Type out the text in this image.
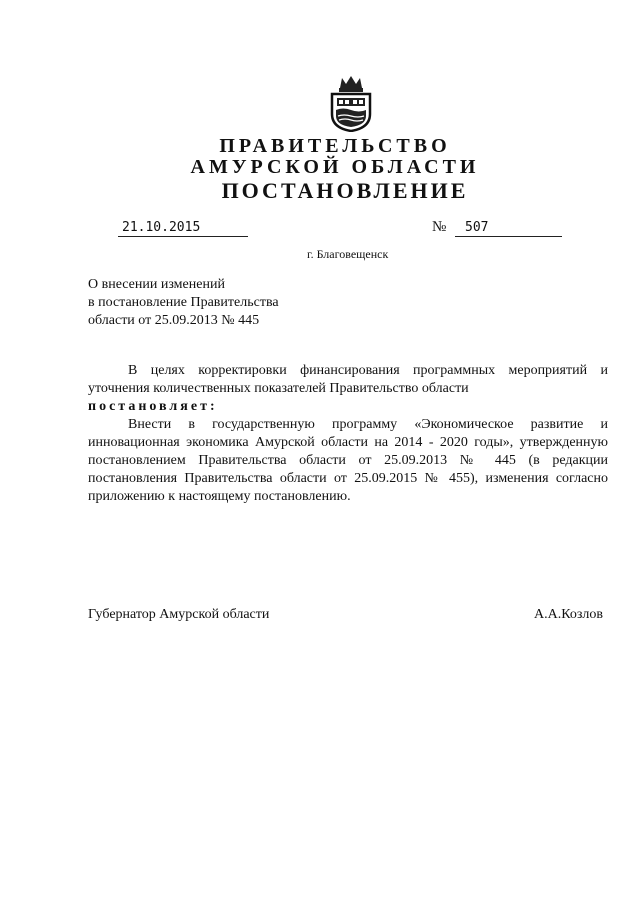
ПРАВИТЕЛЬСТВО
АМУРСКОЙ ОБЛАСТИ
ПОСТАНОВЛЕНИЕ
21.10.2015	№	507
г. Благовещенск
О внесении изменений
в постановление Правительства
области от 25.09.2013 № 445

В целях корректировки финансирования программных мероприятий и уточнения количественных показателей Правительство области

постановляет:

Внести в государственную программу «Экономическое развитие и инновационная экономика Амурской области на 2014 - 2020 годы», утвержденную постановлением Правительства области от 25.09.2013 № 445 (в редакции постановления Правительства области от 25.09.2015 № 455), изменения согласно приложению к настоящему постановлению.

Губернатор Амурской области	А.А.Козлов
